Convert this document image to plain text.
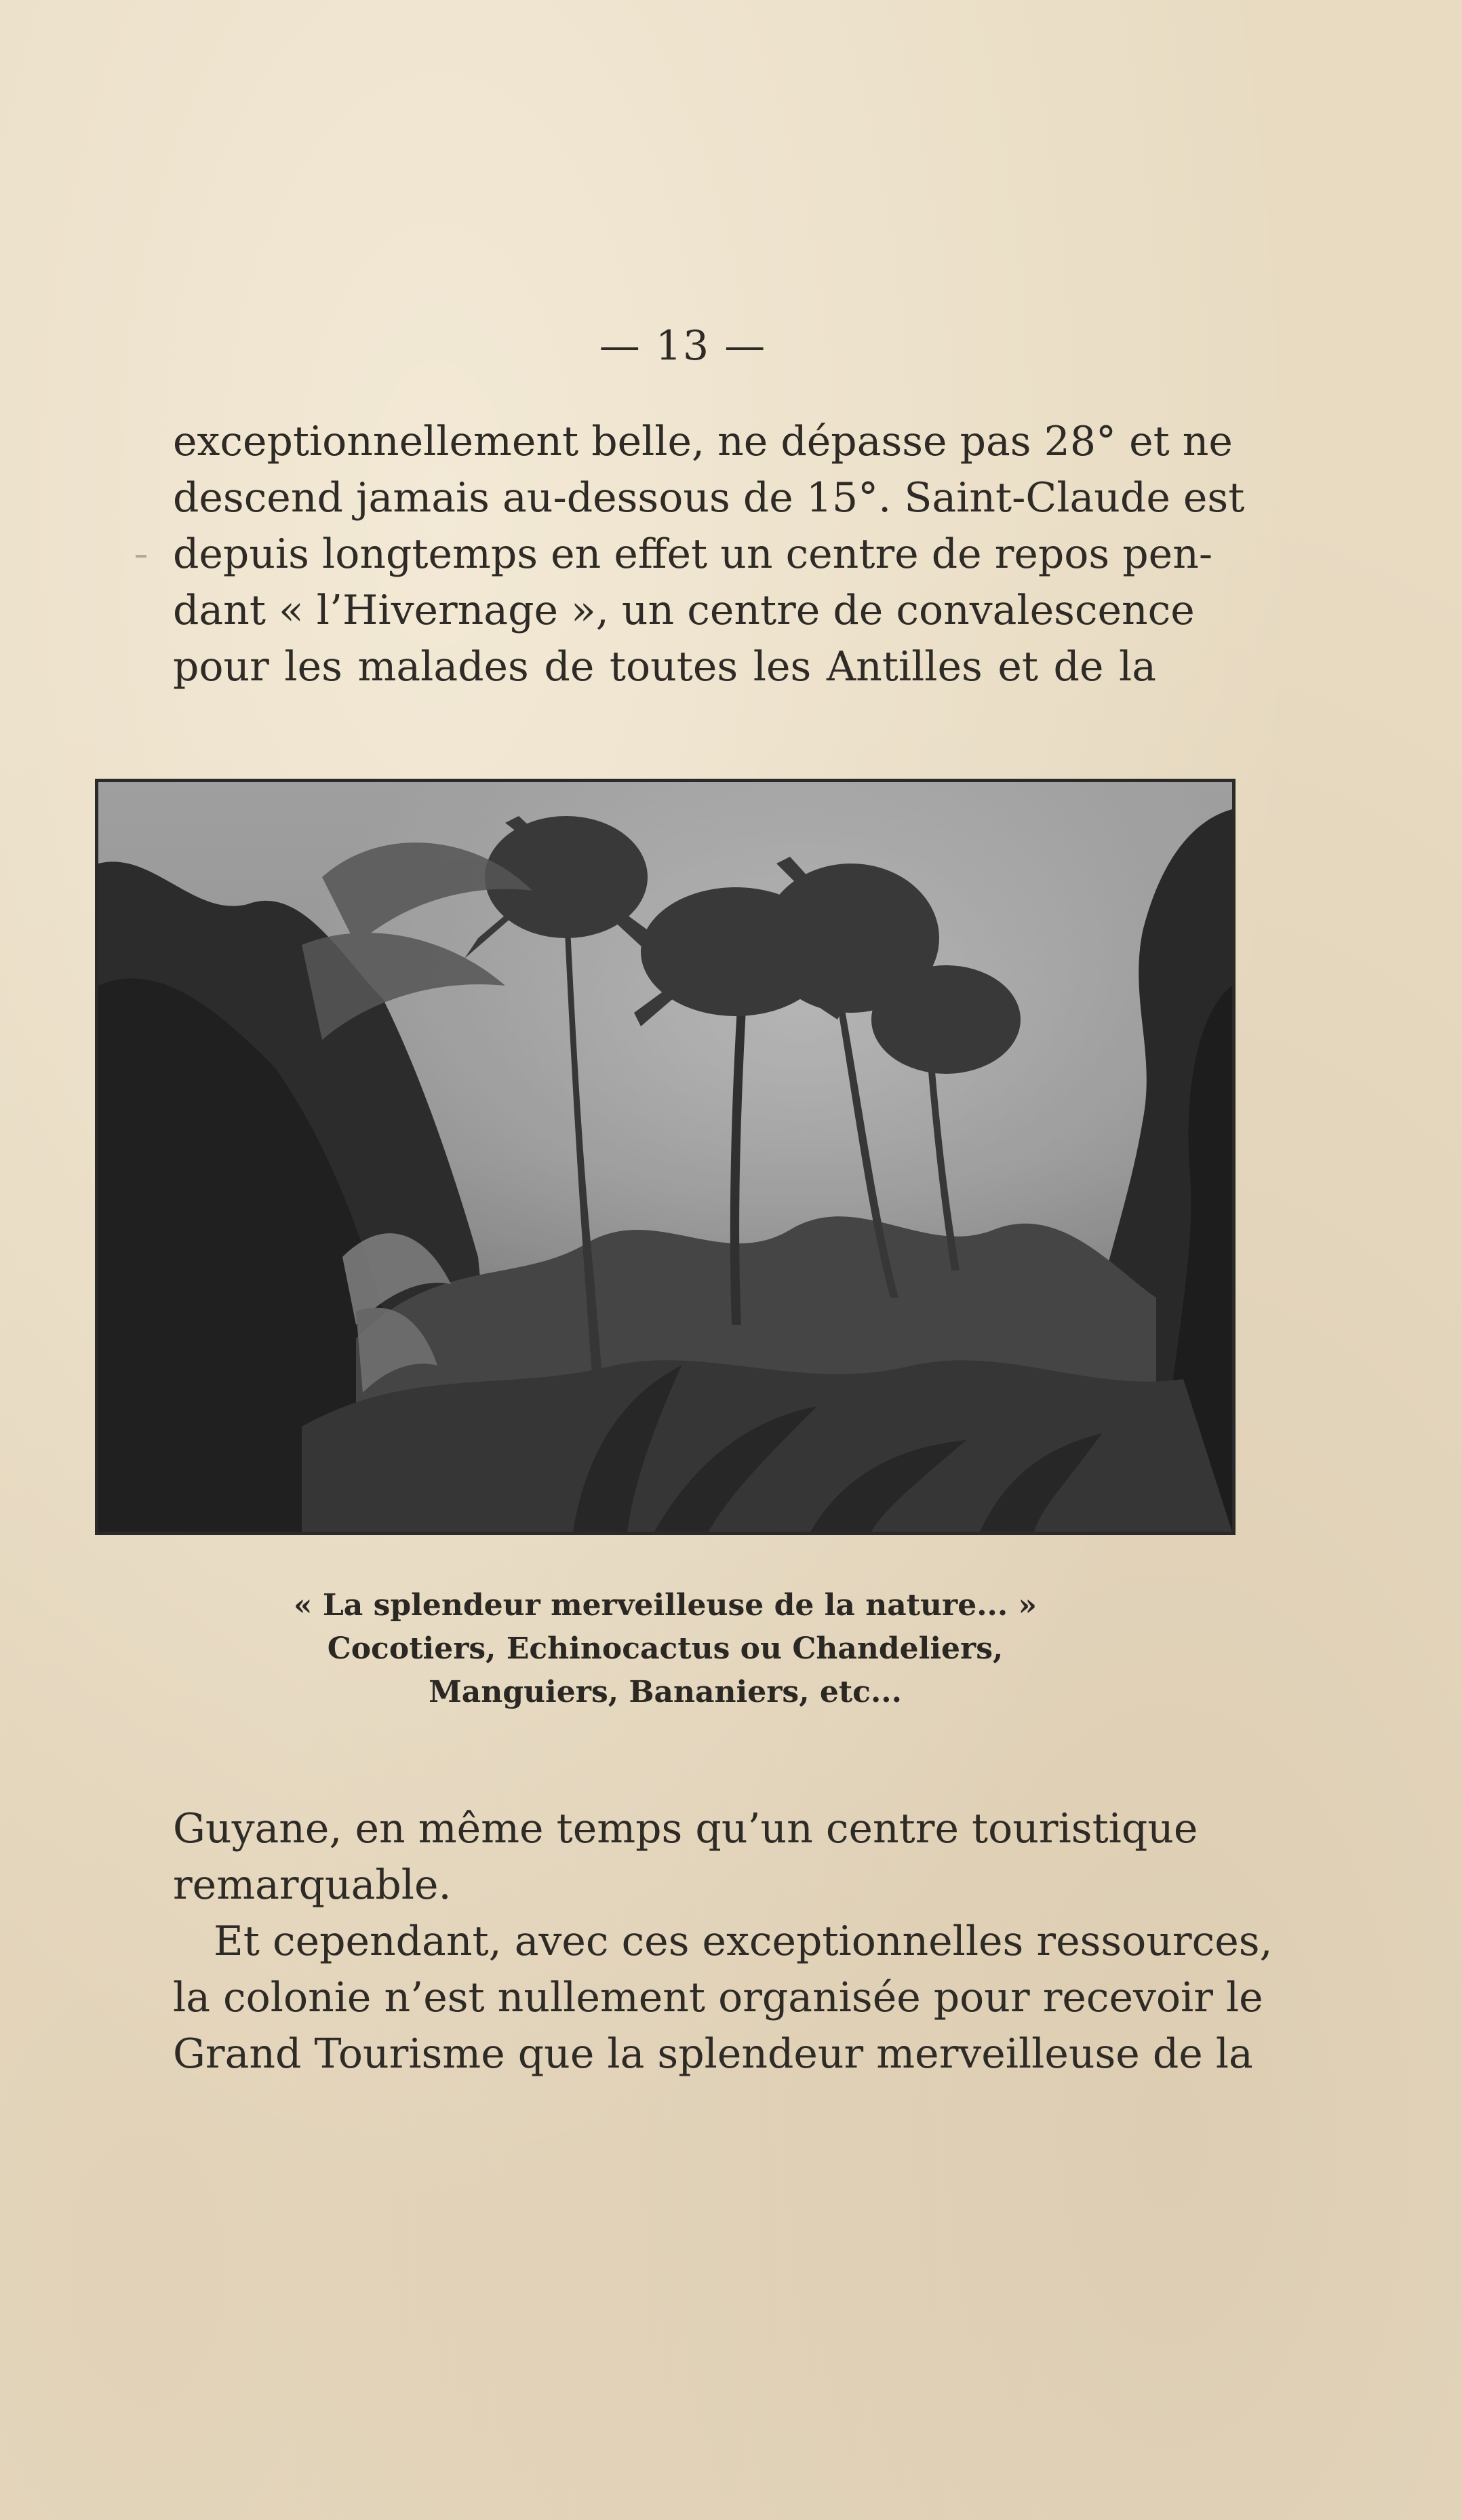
— 13 —
exceptionnellement belle, ne dépasse pas 28° et ne
descend jamais au-dessous de 15°. Saint-Claude est
depuis longtemps en effet un centre de repos pen-
dant « l’Hivernage », un centre de convalescence
pour les malades de toutes les Antilles et de la
« La splendeur merveilleuse de la nature... »
Cocotiers, Echinocactus ou Chandeliers,
Manguiers, Bananiers, etc...
Guyane, en même temps qu’un centre touristique
remarquable.
Et cependant, avec ces exceptionnelles ressources,
la colonie n’est nullement organisée pour recevoir le
Grand Tourisme que la splendeur merveilleuse de la
